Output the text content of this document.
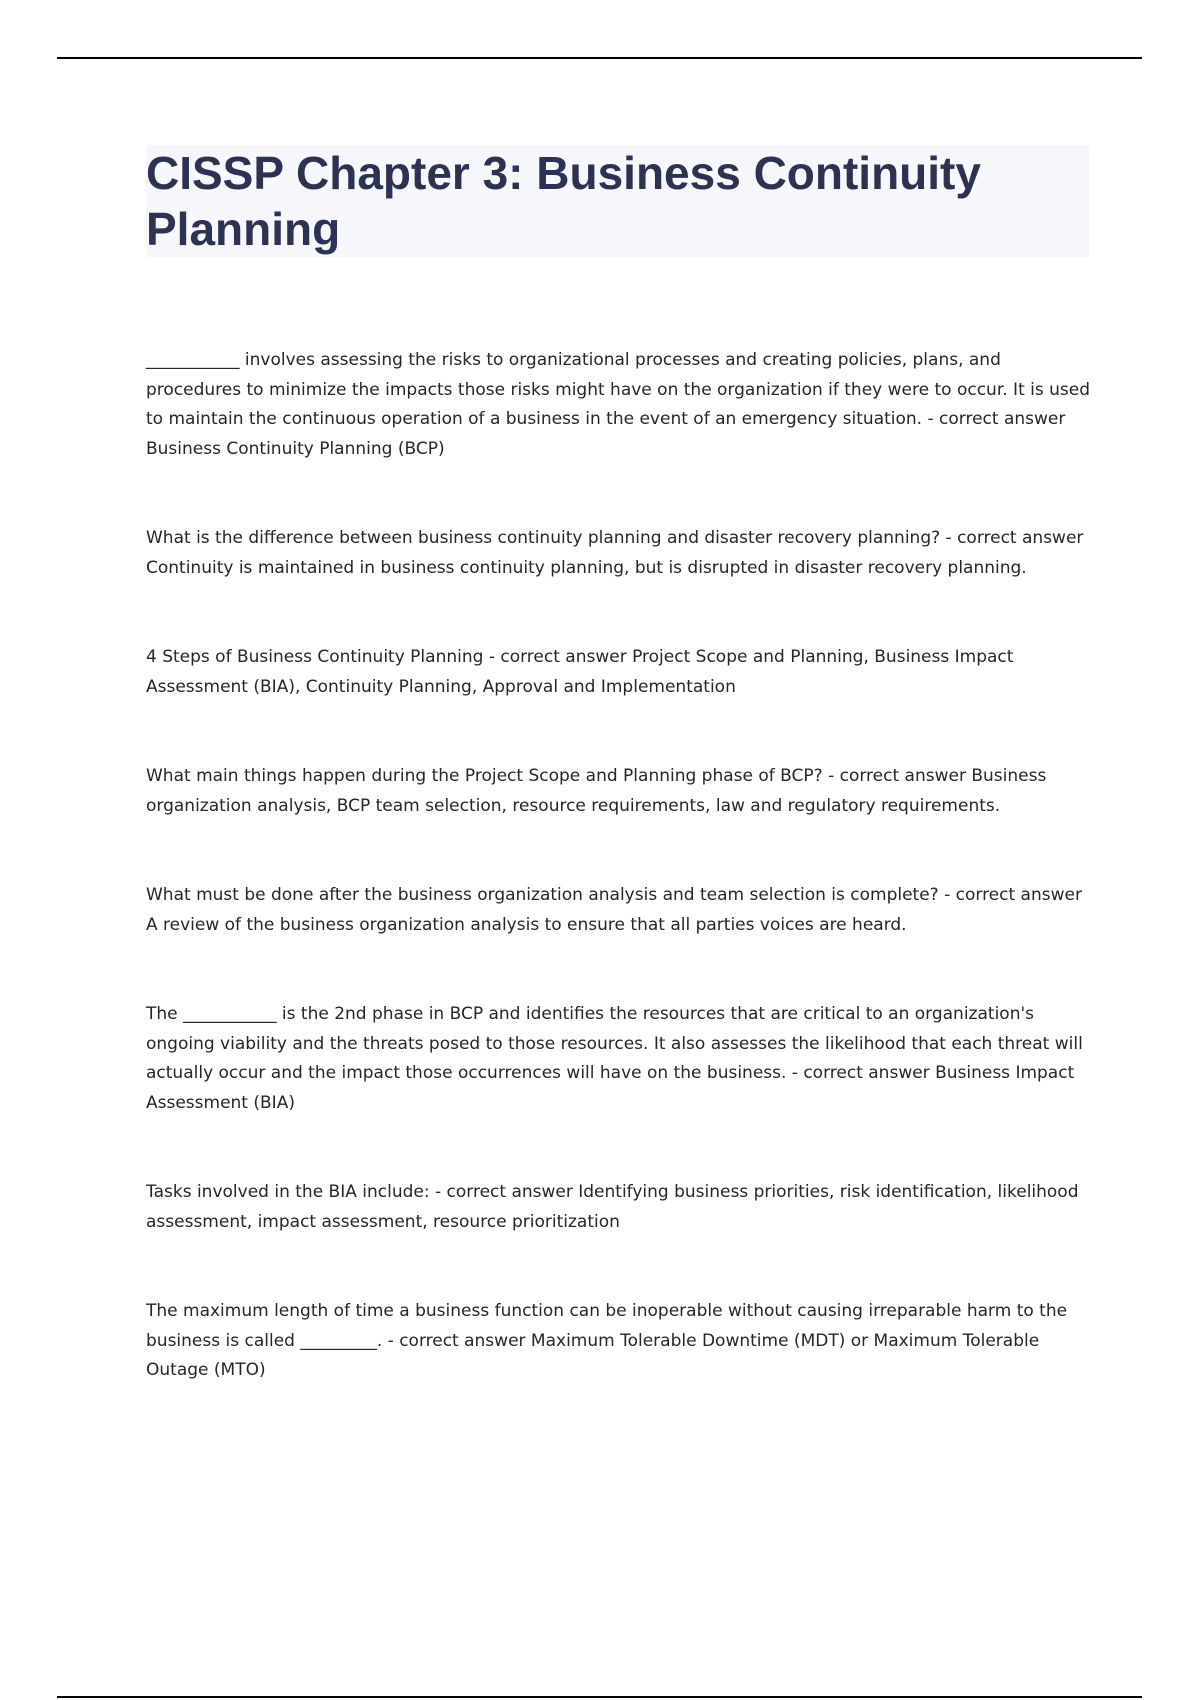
CISSP Chapter 3: Business Continuity Planning

___________ involves assessing the risks to organizational processes and creating policies, plans, and procedures to minimize the impacts those risks might have on the organization if they were to occur. It is used to maintain the continuous operation of a business in the event of an emergency situation. - correct answer Business Continuity Planning (BCP)

What is the difference between business continuity planning and disaster recovery planning? - correct answer Continuity is maintained in business continuity planning, but is disrupted in disaster recovery planning.

4 Steps of Business Continuity Planning - correct answer Project Scope and Planning, Business Impact Assessment (BIA), Continuity Planning, Approval and Implementation

What main things happen during the Project Scope and Planning phase of BCP? - correct answer Business organization analysis, BCP team selection, resource requirements, law and regulatory requirements.

What must be done after the business organization analysis and team selection is complete? - correct answer A review of the business organization analysis to ensure that all parties voices are heard.

The ___________ is the 2nd phase in BCP and identifies the resources that are critical to an organization's ongoing viability and the threats posed to those resources. It also assesses the likelihood that each threat will actually occur and the impact those occurrences will have on the business. - correct answer Business Impact Assessment (BIA)

Tasks involved in the BIA include: - correct answer Identifying business priorities, risk identification, likelihood assessment, impact assessment, resource prioritization

The maximum length of time a business function can be inoperable without causing irreparable harm to the business is called _________. - correct answer Maximum Tolerable Downtime (MDT) or Maximum Tolerable Outage (MTO)
